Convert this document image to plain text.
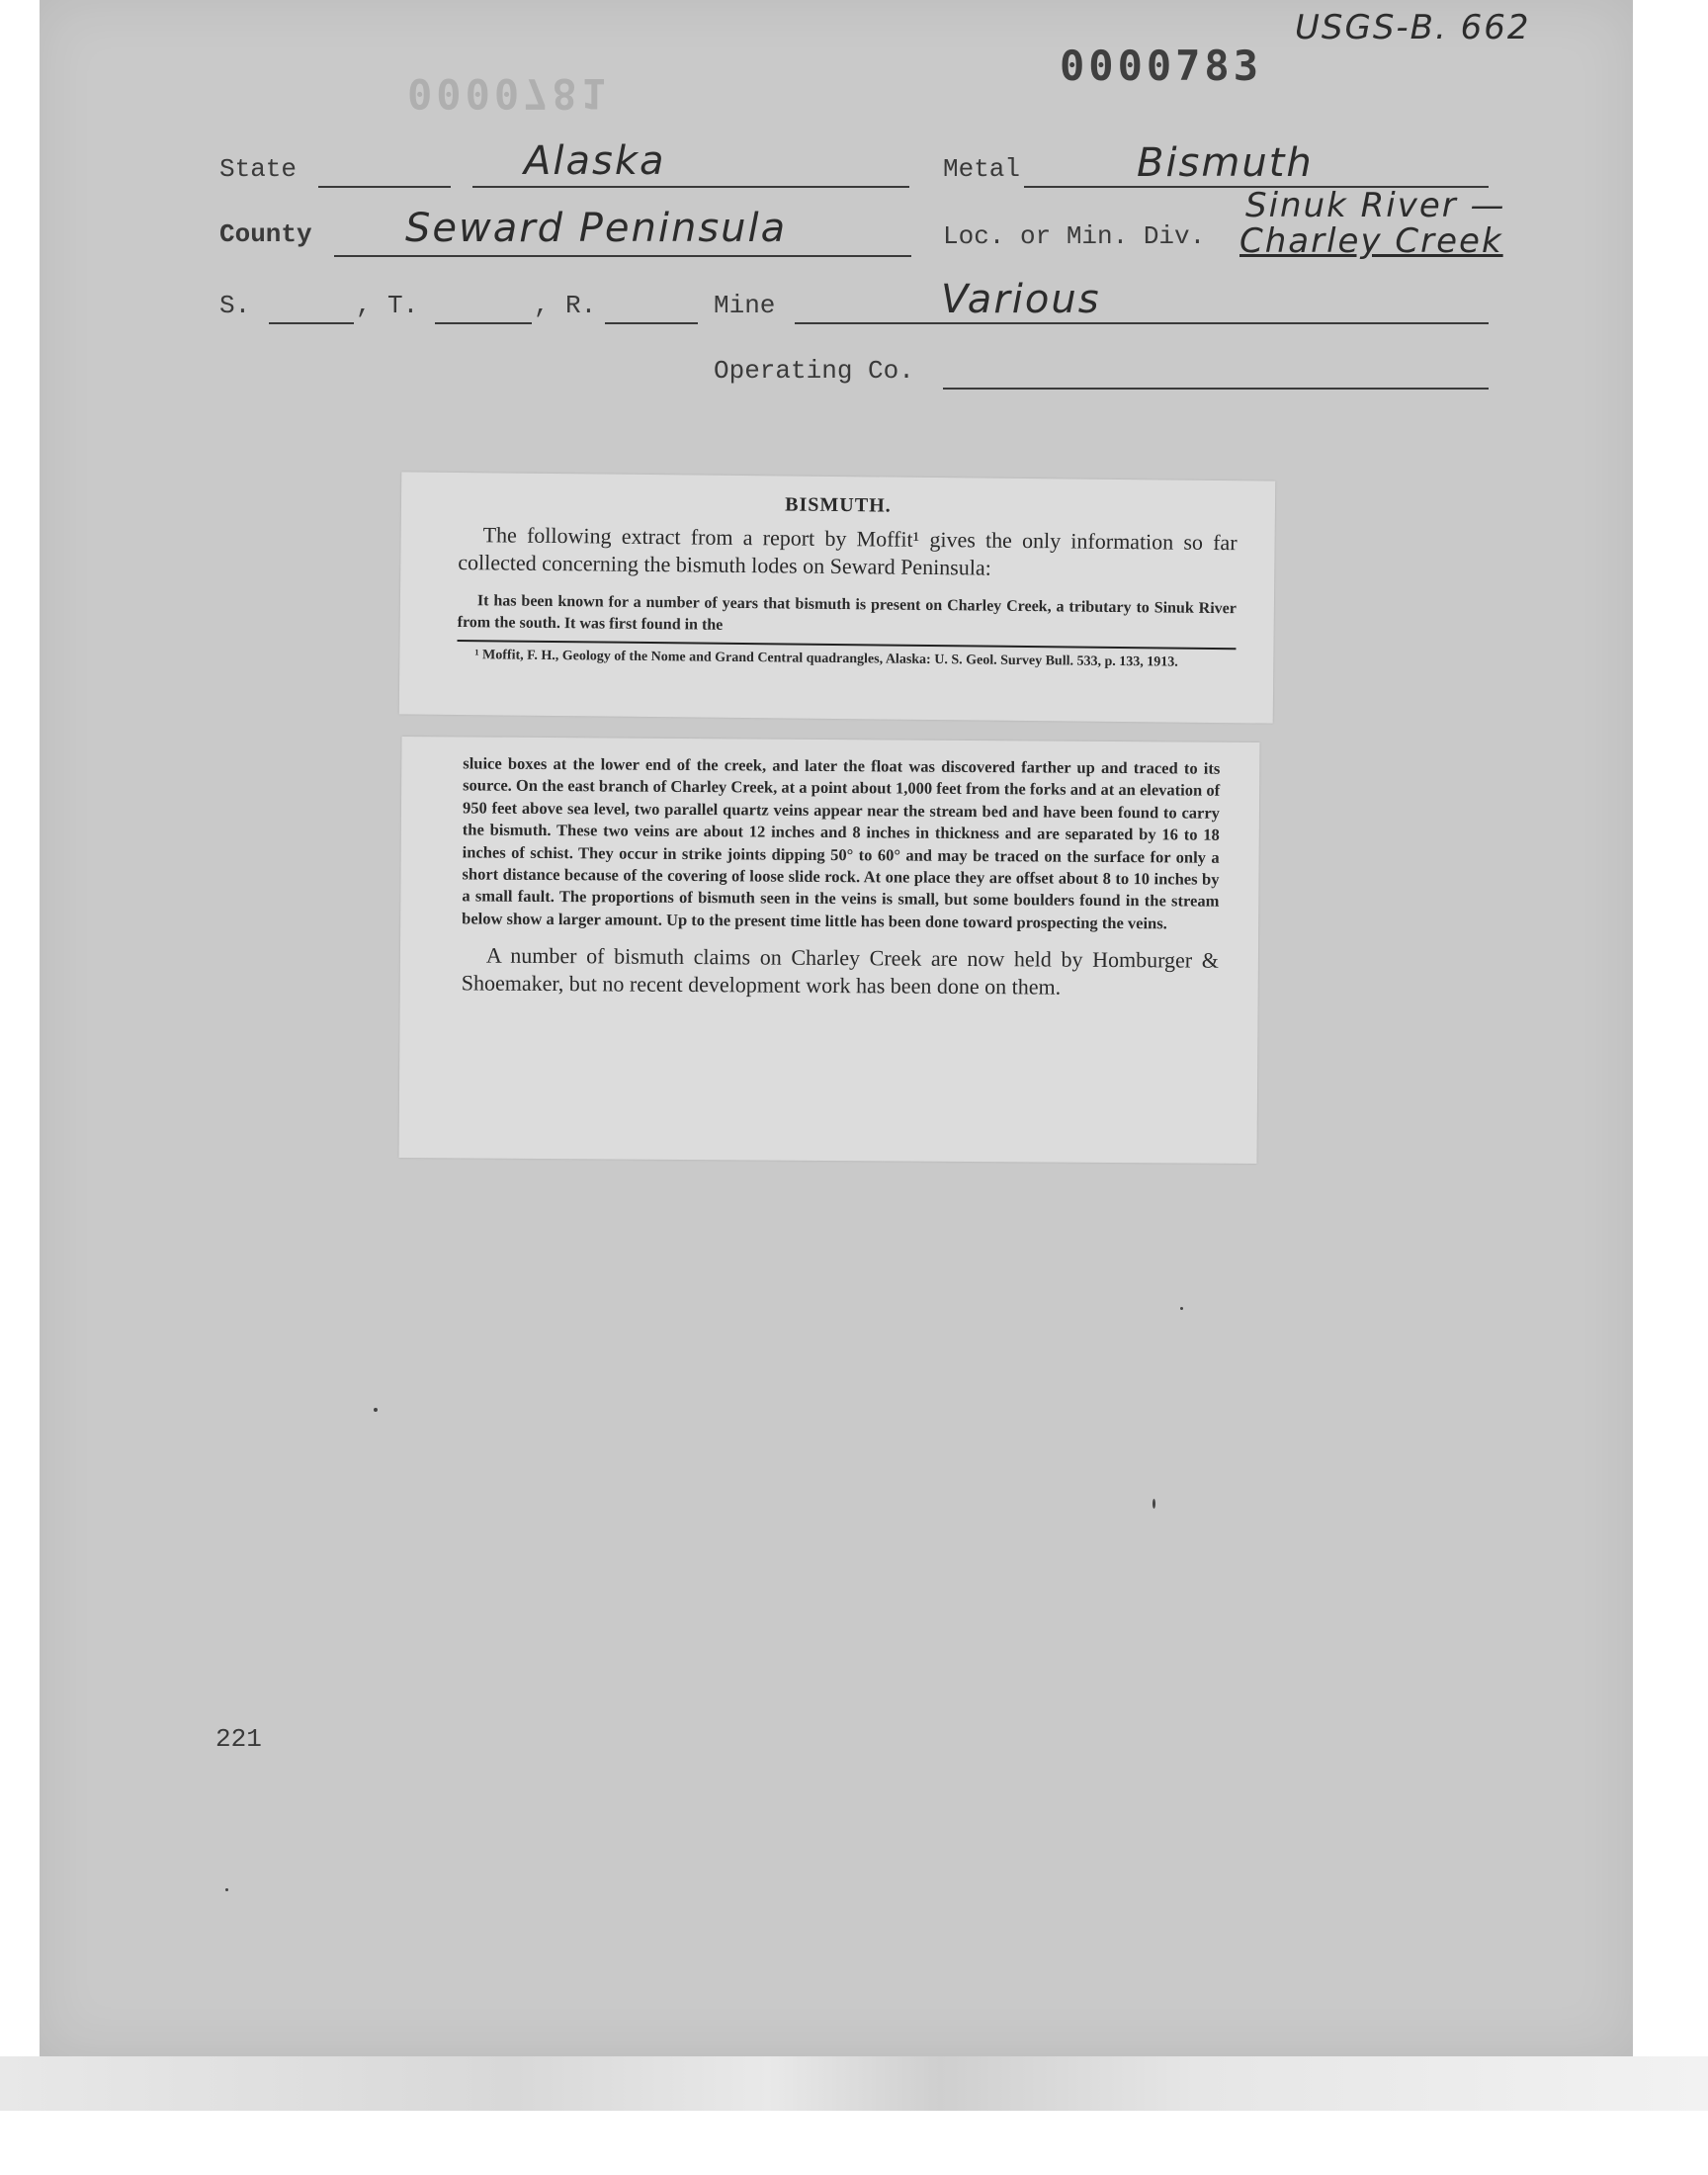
USGS-B. 662
0000783
0000781
State	Alaska	Metal	Bismuth
County Seward Peninsula	Loc. or Min. Div.
Sinuk River —
Charley Creek
S.	, T.	, R.	Mine	Various
Operating Co.
BISMUTH.
The following extract from a report by Moffit¹ gives the only information so far collected concerning the bismuth lodes on Seward Peninsula:
It has been known for a number of years that bismuth is present on Charley Creek, a tributary to Sinuk River from the south. It was first found in the
¹ Moffit, F. H., Geology of the Nome and Grand Central quadrangles, Alaska: U. S. Geol. Survey Bull. 533, p. 133, 1913.
sluice boxes at the lower end of the creek, and later the float was discovered farther up and traced to its source. On the east branch of Charley Creek, at a point about 1,000 feet from the forks and at an elevation of 950 feet above sea level, two parallel quartz veins appear near the stream bed and have been found to carry the bismuth. These two veins are about 12 inches and 8 inches in thickness and are separated by 16 to 18 inches of schist. They occur in strike joints dipping 50° to 60° and may be traced on the surface for only a short distance because of the covering of loose slide rock. At one place they are offset about 8 to 10 inches by a small fault. The proportions of bismuth seen in the veins is small, but some boulders found in the stream below show a larger amount. Up to the present time little has been done toward prospecting the veins.
A number of bismuth claims on Charley Creek are now held by Homburger & Shoemaker, but no recent development work has been done on them.
221
